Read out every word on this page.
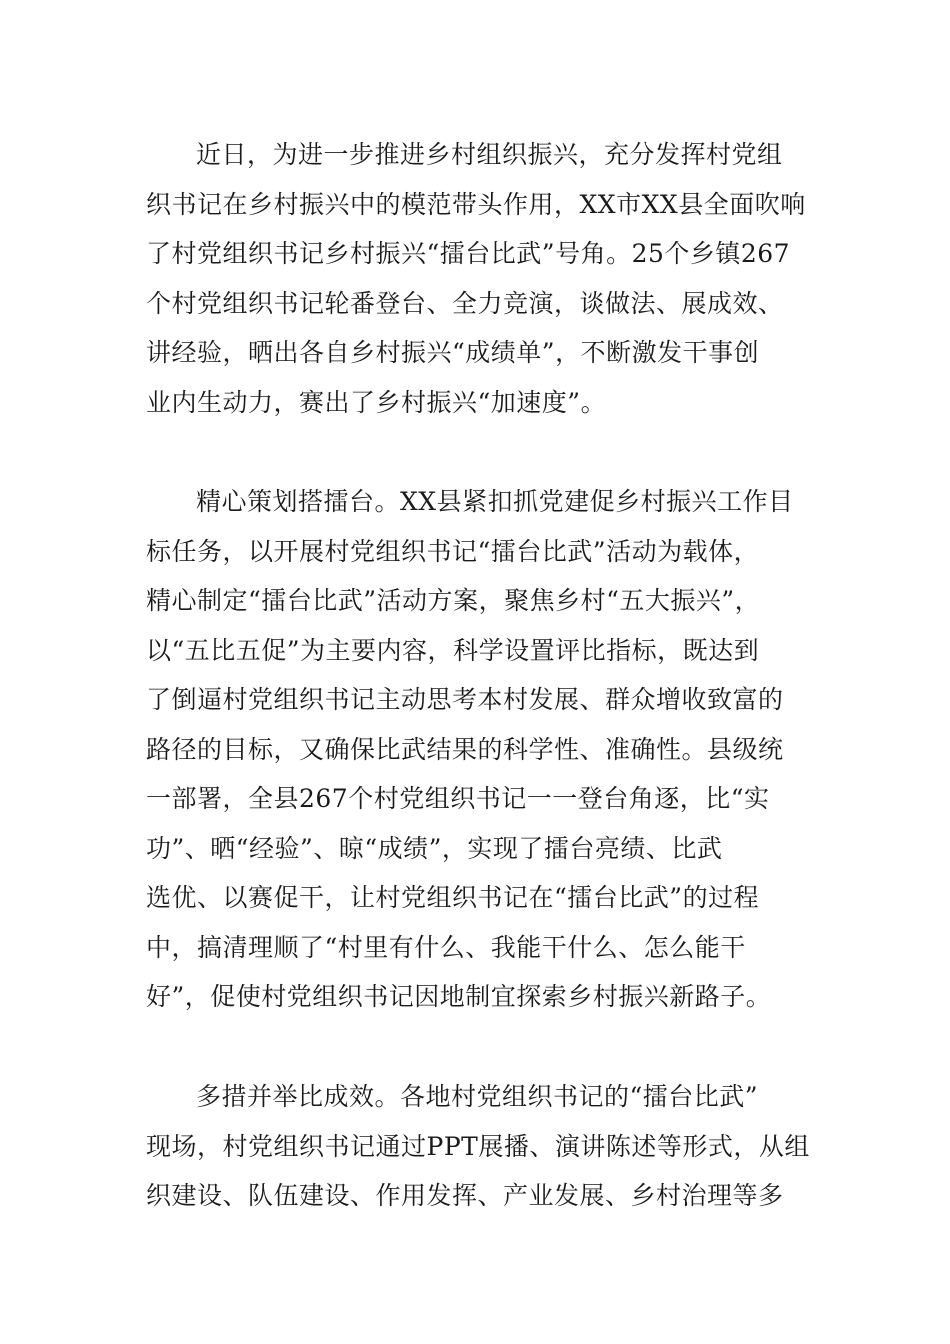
近日，为进一步推进乡村组织振兴，充分发挥村党组
织书记在乡村振兴中的模范带头作用，XX市XX县全面吹响
了村党组织书记乡村振兴“擂台比武”号角。25个乡镇267
个村党组织书记轮番登台、全力竞演，谈做法、展成效、
讲经验，晒出各自乡村振兴“成绩单”，不断激发干事创
业内生动力，赛出了乡村振兴“加速度”。

精心策划搭擂台。XX县紧扣抓党建促乡村振兴工作目
标任务，以开展村党组织书记“擂台比武”活动为载体，
精心制定“擂台比武”活动方案，聚焦乡村“五大振兴”，
以“五比五促”为主要内容，科学设置评比指标，既达到
了倒逼村党组织书记主动思考本村发展、群众增收致富的
路径的目标，又确保比武结果的科学性、准确性。县级统
一部署，全县267个村党组织书记一一登台角逐，比“实
功”、晒“经验”、晾“成绩”，实现了擂台亮绩、比武
选优、以赛促干，让村党组织书记在“擂台比武”的过程
中，搞清理顺了“村里有什么、我能干什么、怎么能干
好”，促使村党组织书记因地制宜探索乡村振兴新路子。

多措并举比成效。各地村党组织书记的“擂台比武”
现场，村党组织书记通过PPT展播、演讲陈述等形式，从组
织建设、队伍建设、作用发挥、产业发展、乡村治理等多
